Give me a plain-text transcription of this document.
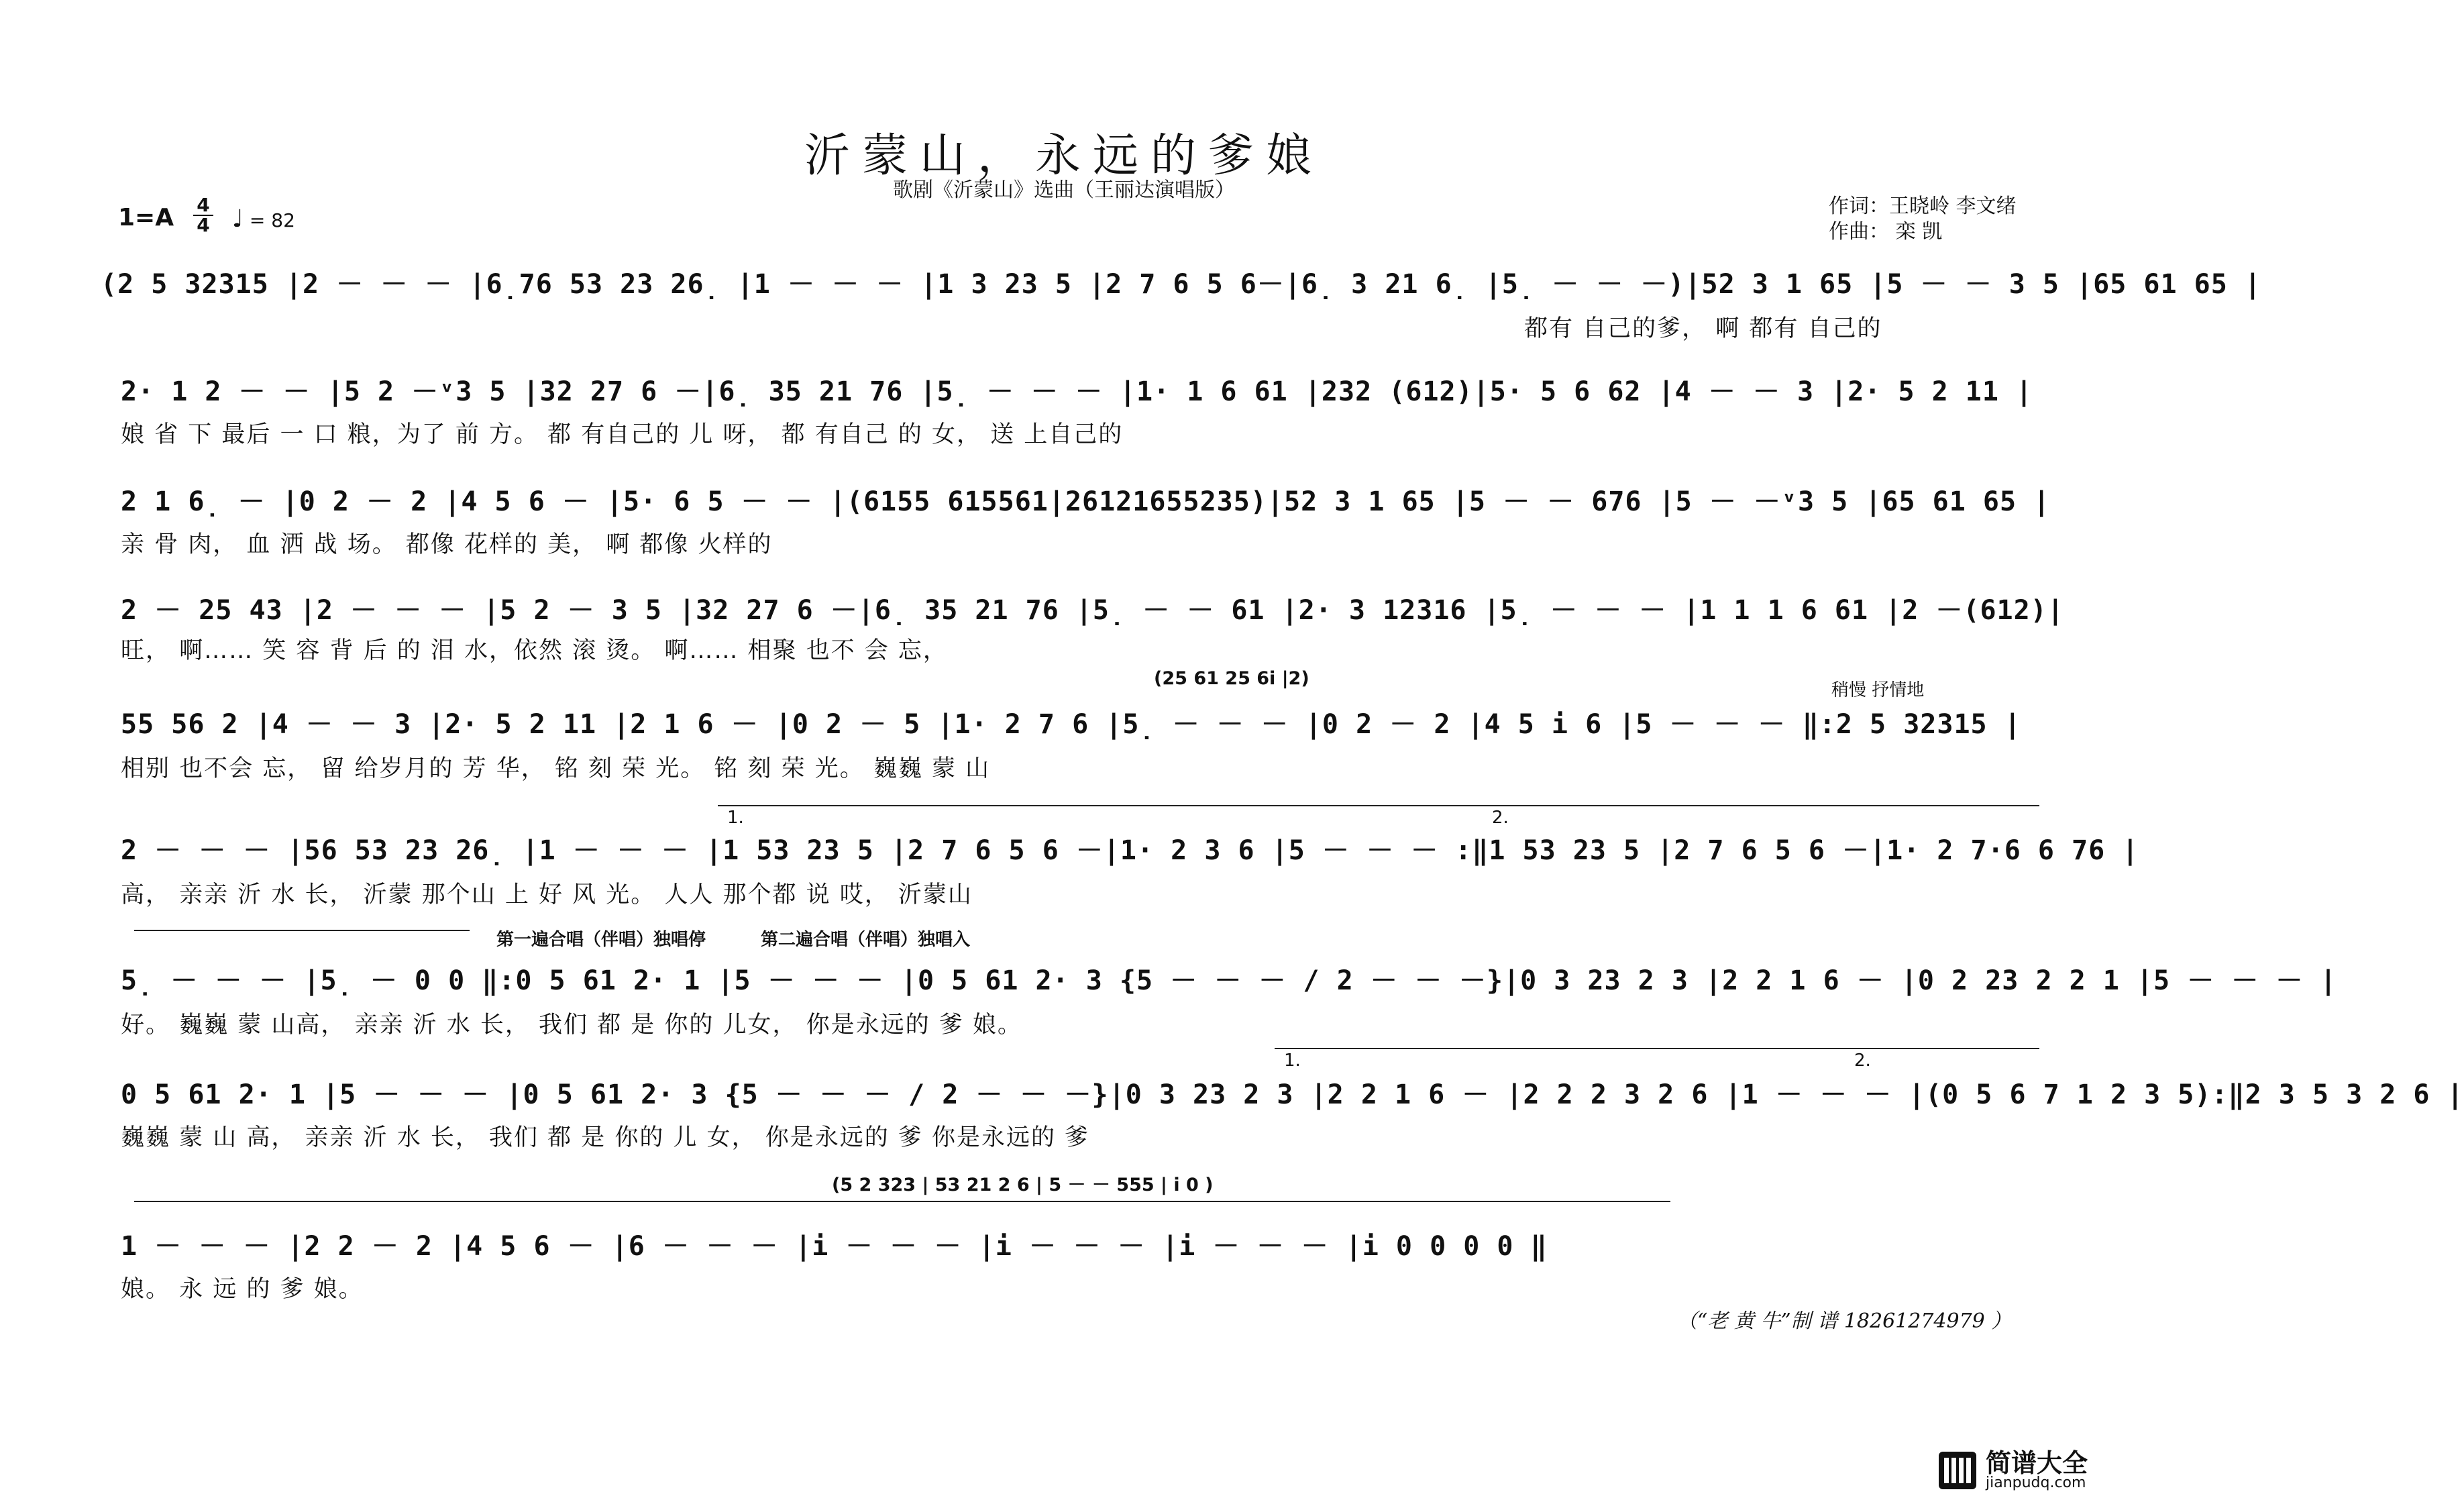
沂蒙山，永远的爹娘
歌剧《沂蒙山》选曲（王丽达演唱版）
1=A 4
4 ♩ = 82
作词：王晓岭 李文绪
作曲： 栾 凯
(2 5 32315 |2 － － － |6̣76 53 23 26̣ |1 － － － |1 3 23 5 |2 7 6 5 6－|6̣ 3 21 6̣ |5̣ － － －)|52 3 1 65 |5 － － 3 5 |65 61 65 |
都有 自己的爹， 啊 都有 自己的
2· 1 2 － － |5 2 －ᵛ3 5 |32 27 6 －|6̣ 35 21 76 |5̣ － － － |1· 1 6 61 |232 (612)|5· 5 6 62 |4 － － 3 |2· 5 2 11 |
娘 省 下 最后 一 口 粮，为了 前 方。 都 有自己的 儿 呀， 都 有自己 的 女， 送 上自己的
2 1 6̣ － |0 2 － 2 |4 5 6 － |5· 6 5 － － |(6155 615561|26121655235)|52 3 1 65 |5 － － 676 |5 － －ᵛ3 5 |65 61 65 |
亲 骨 肉， 血 洒 战 场。 都像 花样的 美， 啊 都像 火样的
2 － 25 43 |2 － － － |5 2 － 3 5 |32 27 6 －|6̣ 35 21 76 |5̣ － － 61 |2· 3 12316 |5̣ － － － |1 1 1 6 61 |2 －(612)|
旺， 啊…… 笑 容 背 后 的 泪 水，依然 滚 烫。 啊…… 相聚 也不 会 忘，
(25 61 25 6i |2)
稍慢 抒情地
55 56 2 |4 － － 3 |2· 5 2 11 |2 1 6 － |0 2 － 5 |1· 2 7 6 |5̣ － － － |0 2 － 2 |4 5 i 6 |5 － － － ‖:2 5 32315 |
相别 也不会 忘， 留 给岁月的 芳 华， 铭 刻 荣 光。 铭 刻 荣 光。 巍巍 蒙 山
1.	2.
2 － － － |56 53 23 26̣ |1 － － － |1 53 23 5 |2 7 6 5 6 －|1· 2 3 6 |5 － － － :‖1 53 23 5 |2 7 6 5 6 －|1· 2 7·6 6 76 |
高， 亲亲 沂 水 长， 沂蒙 那个山 上 好 风 光。 人人 那个都 说 哎， 沂蒙山
第一遍合唱（伴唱）独唱停	第二遍合唱（伴唱）独唱入
5̣ － － － |5̣ － 0 0 ‖:0 5 61 2· 1 |5 － － － |0 5 61 2· 3 {5 － － － / 2 － － －}|0 3 23 2 3 |2 2 1 6 － |0 2 23 2 2 1 |5 － － － |
好。 巍巍 蒙 山高， 亲亲 沂 水 长， 我们 都 是 你的 儿女， 你是永远的 爹 娘。
1.	2.
0 5 61 2· 1 |5 － － － |0 5 61 2· 3 {5 － － － / 2 － － －}|0 3 23 2 3 |2 2 1 6 － |2 2 2 3 2 6 |1 － － － |(0 5 6 7 1 2 3 5):‖2 3 5 3 2 6 |
巍巍 蒙 山 高， 亲亲 沂 水 长， 我们 都 是 你的 儿 女， 你是永远的 爹 你是永远的 爹
(5 2 323 | 53 21 2 6 | 5 － － 555 | i 0 )
1 － － － |2 2 － 2 |4 5 6 － |6 － － － |i － － － |i － － － |i － － － |i 0 0 0 0 ‖
娘。 永 远 的 爹 娘。
（“老 黄 牛”制 谱 18261274979 ）
简谱大全
jianpudq.com
